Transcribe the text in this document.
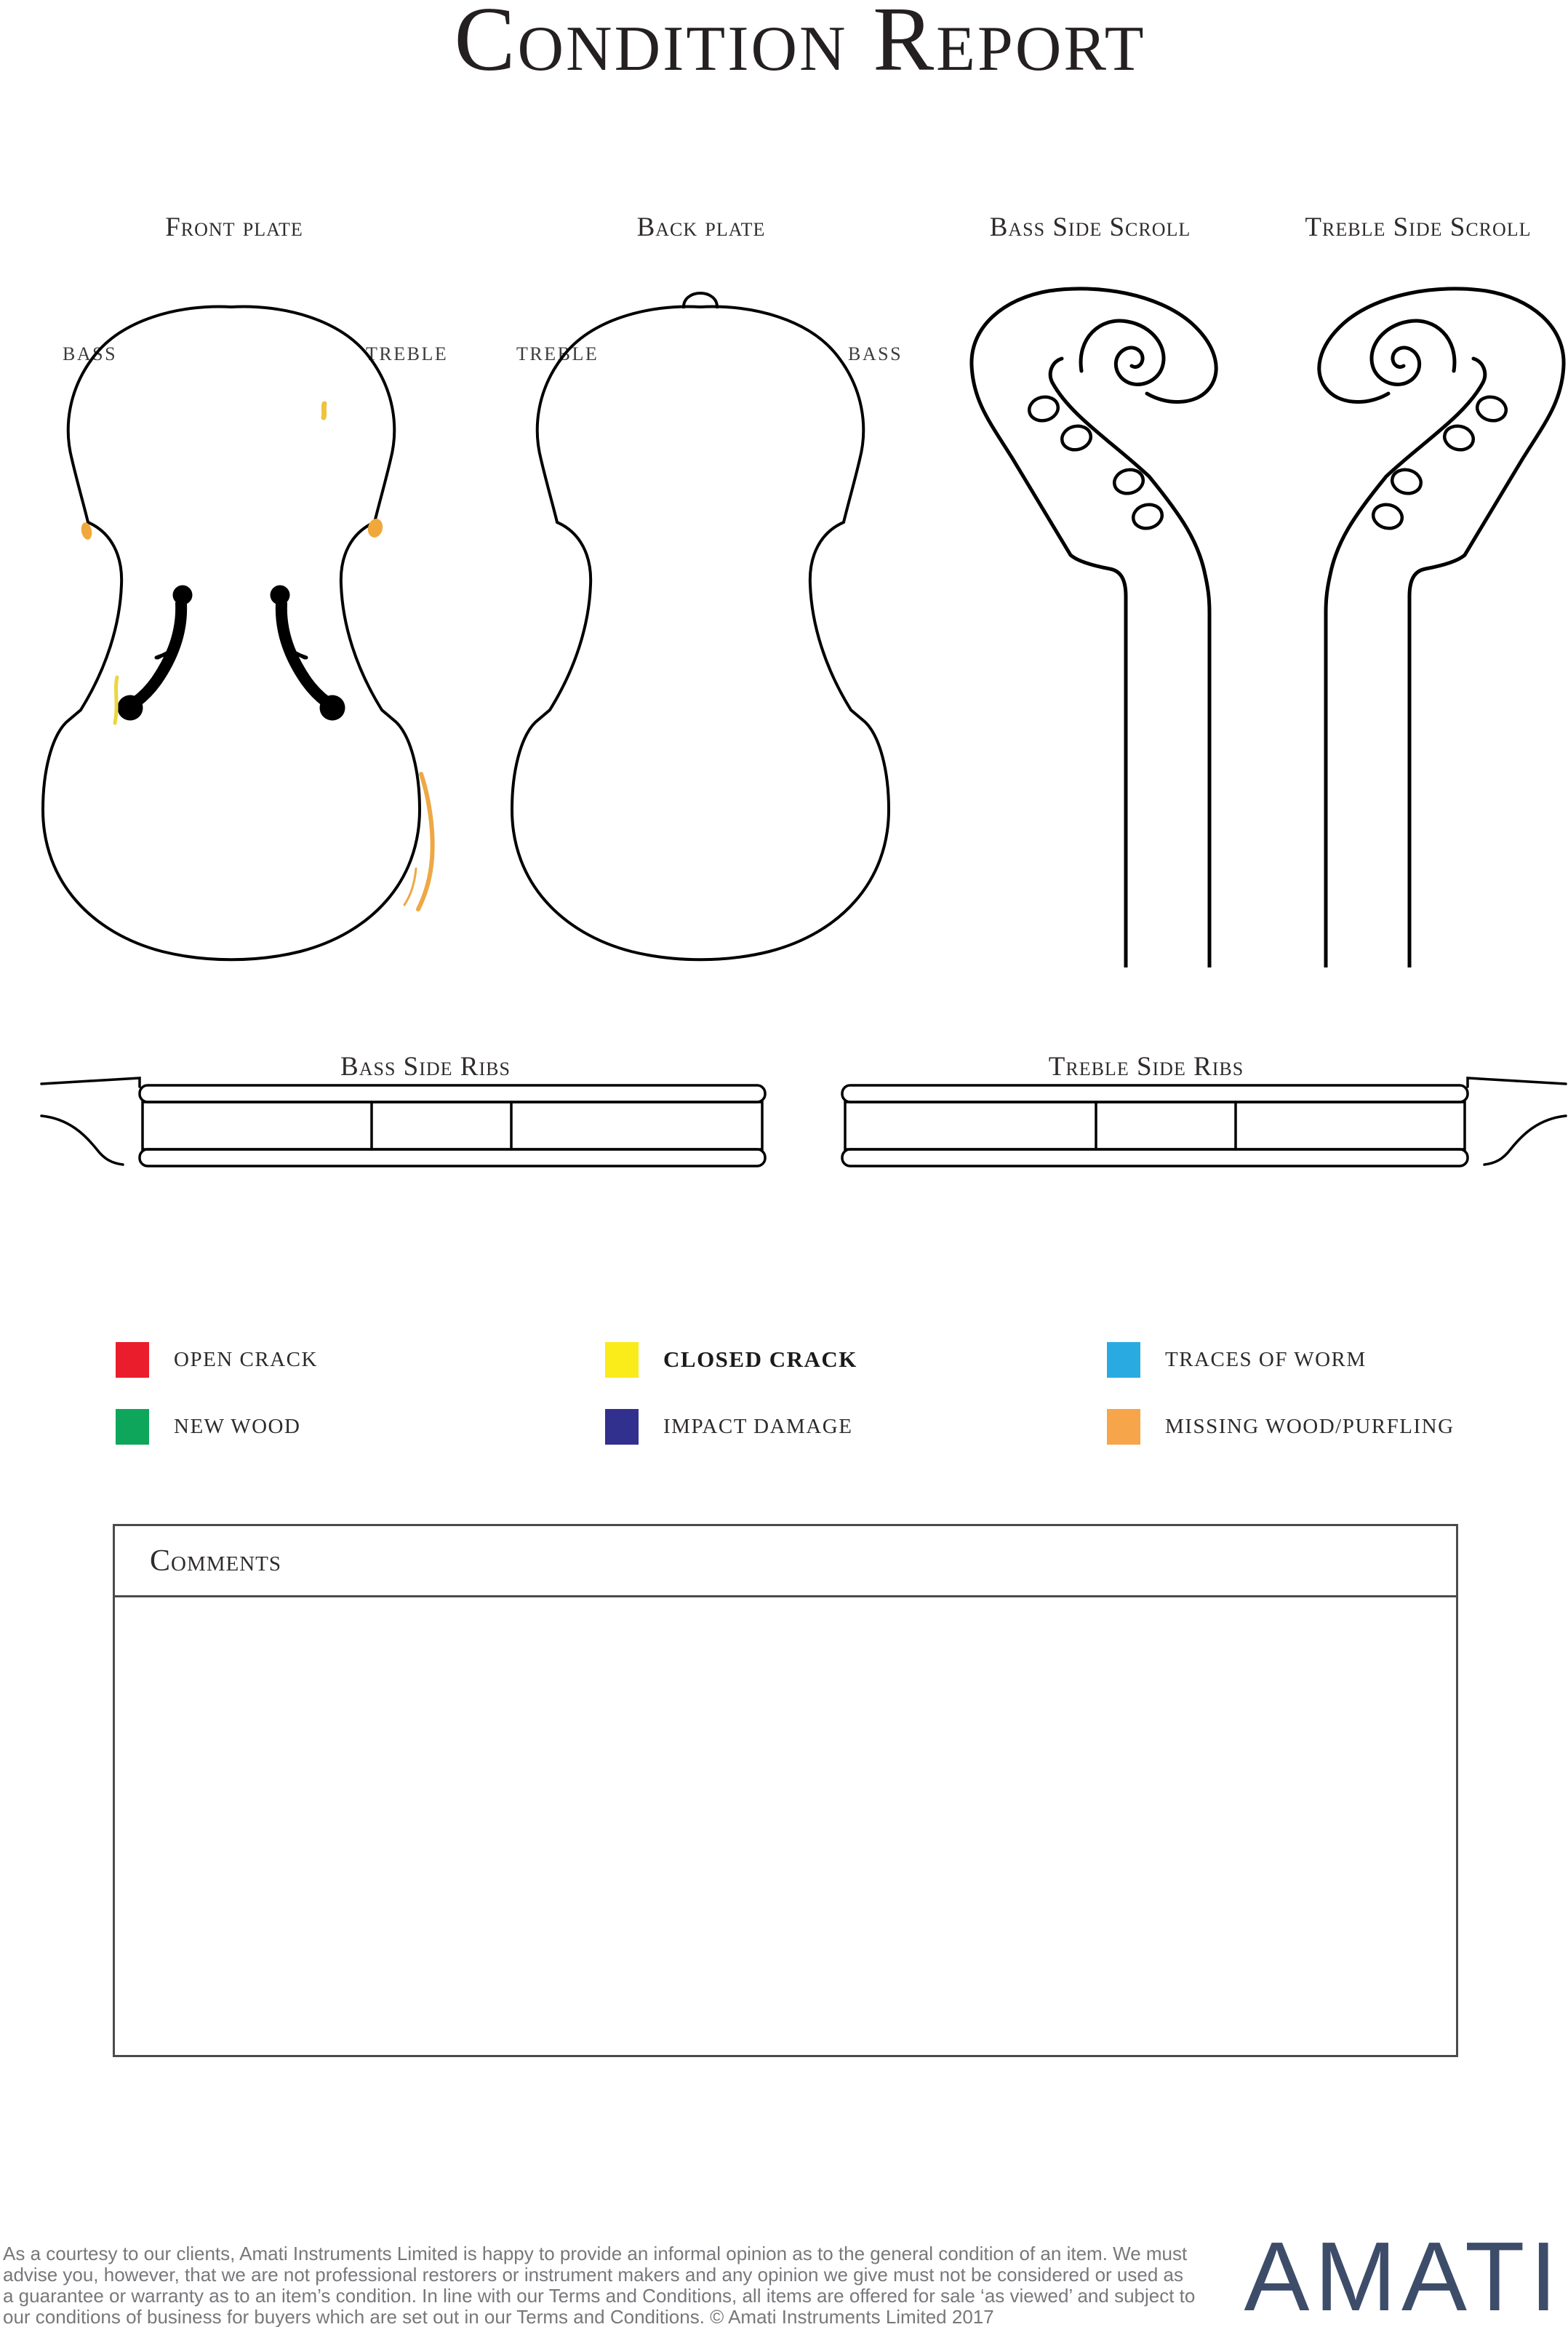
Condition Report
Front plate	Back plate	Bass Side Scroll	Treble Side Scroll
Bass Side Ribs	Treble Side Ribs
BASS	TREBLE	TREBLE	BASS
OPEN CRACK	CLOSED CRACK	TRACES OF WORM
NEW WOOD	IMPACT DAMAGE	MISSING WOOD/PURFLING
Comments
As a courtesy to our clients, Amati Instruments Limited is happy to provide an informal opinion as to the general condition of an item. We must
advise you, however, that we are not professional restorers or instrument makers and any opinion we give must not be considered or used as
a guarantee or warranty as to an item’s condition. In line with our Terms and Conditions, all items are offered for sale ‘as viewed’ and subject to
our conditions of business for buyers which are set out in our Terms and Conditions. © Amati Instruments Limited 2017	AMATI
